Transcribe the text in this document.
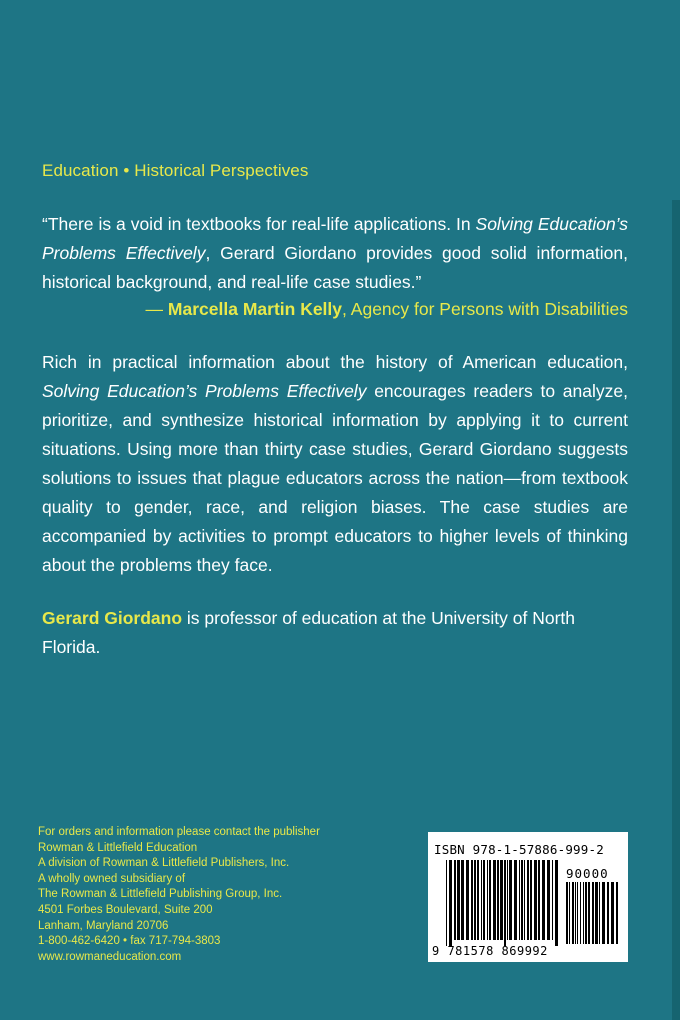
Education • Historical Perspectives

“There is a void in textbooks for real-life applications. In Solving Education’s Problems Effectively, Gerard Giordano provides good solid information, historical background, and real-life case studies.”

— Marcella Martin Kelly, Agency for Persons with Disabilities

Rich in practical information about the history of American education, Solving Education’s Problems Effectively encourages readers to analyze, prioritize, and synthesize historical information by applying it to current situations. Using more than thirty case studies, Gerard Giordano suggests solutions to issues that plague educators across the nation—from textbook quality to gender, race, and religion biases. The case studies are accompanied by activities to prompt educators to higher levels of thinking about the problems they face.

Gerard Giordano is professor of education at the University of North Florida.

For orders and information please contact the publisher
Rowman & Littlefield Education
A division of Rowman & Littlefield Publishers, Inc.
A wholly owned subsidiary of
The Rowman & Littlefield Publishing Group, Inc.
4501 Forbes Boulevard, Suite 200
Lanham, Maryland 20706
1-800-462-6420 • fax 717-794-3803
www.rowmaneducation.com
ISBN 978-1-57886-999-2
90000
9 781578 869992
